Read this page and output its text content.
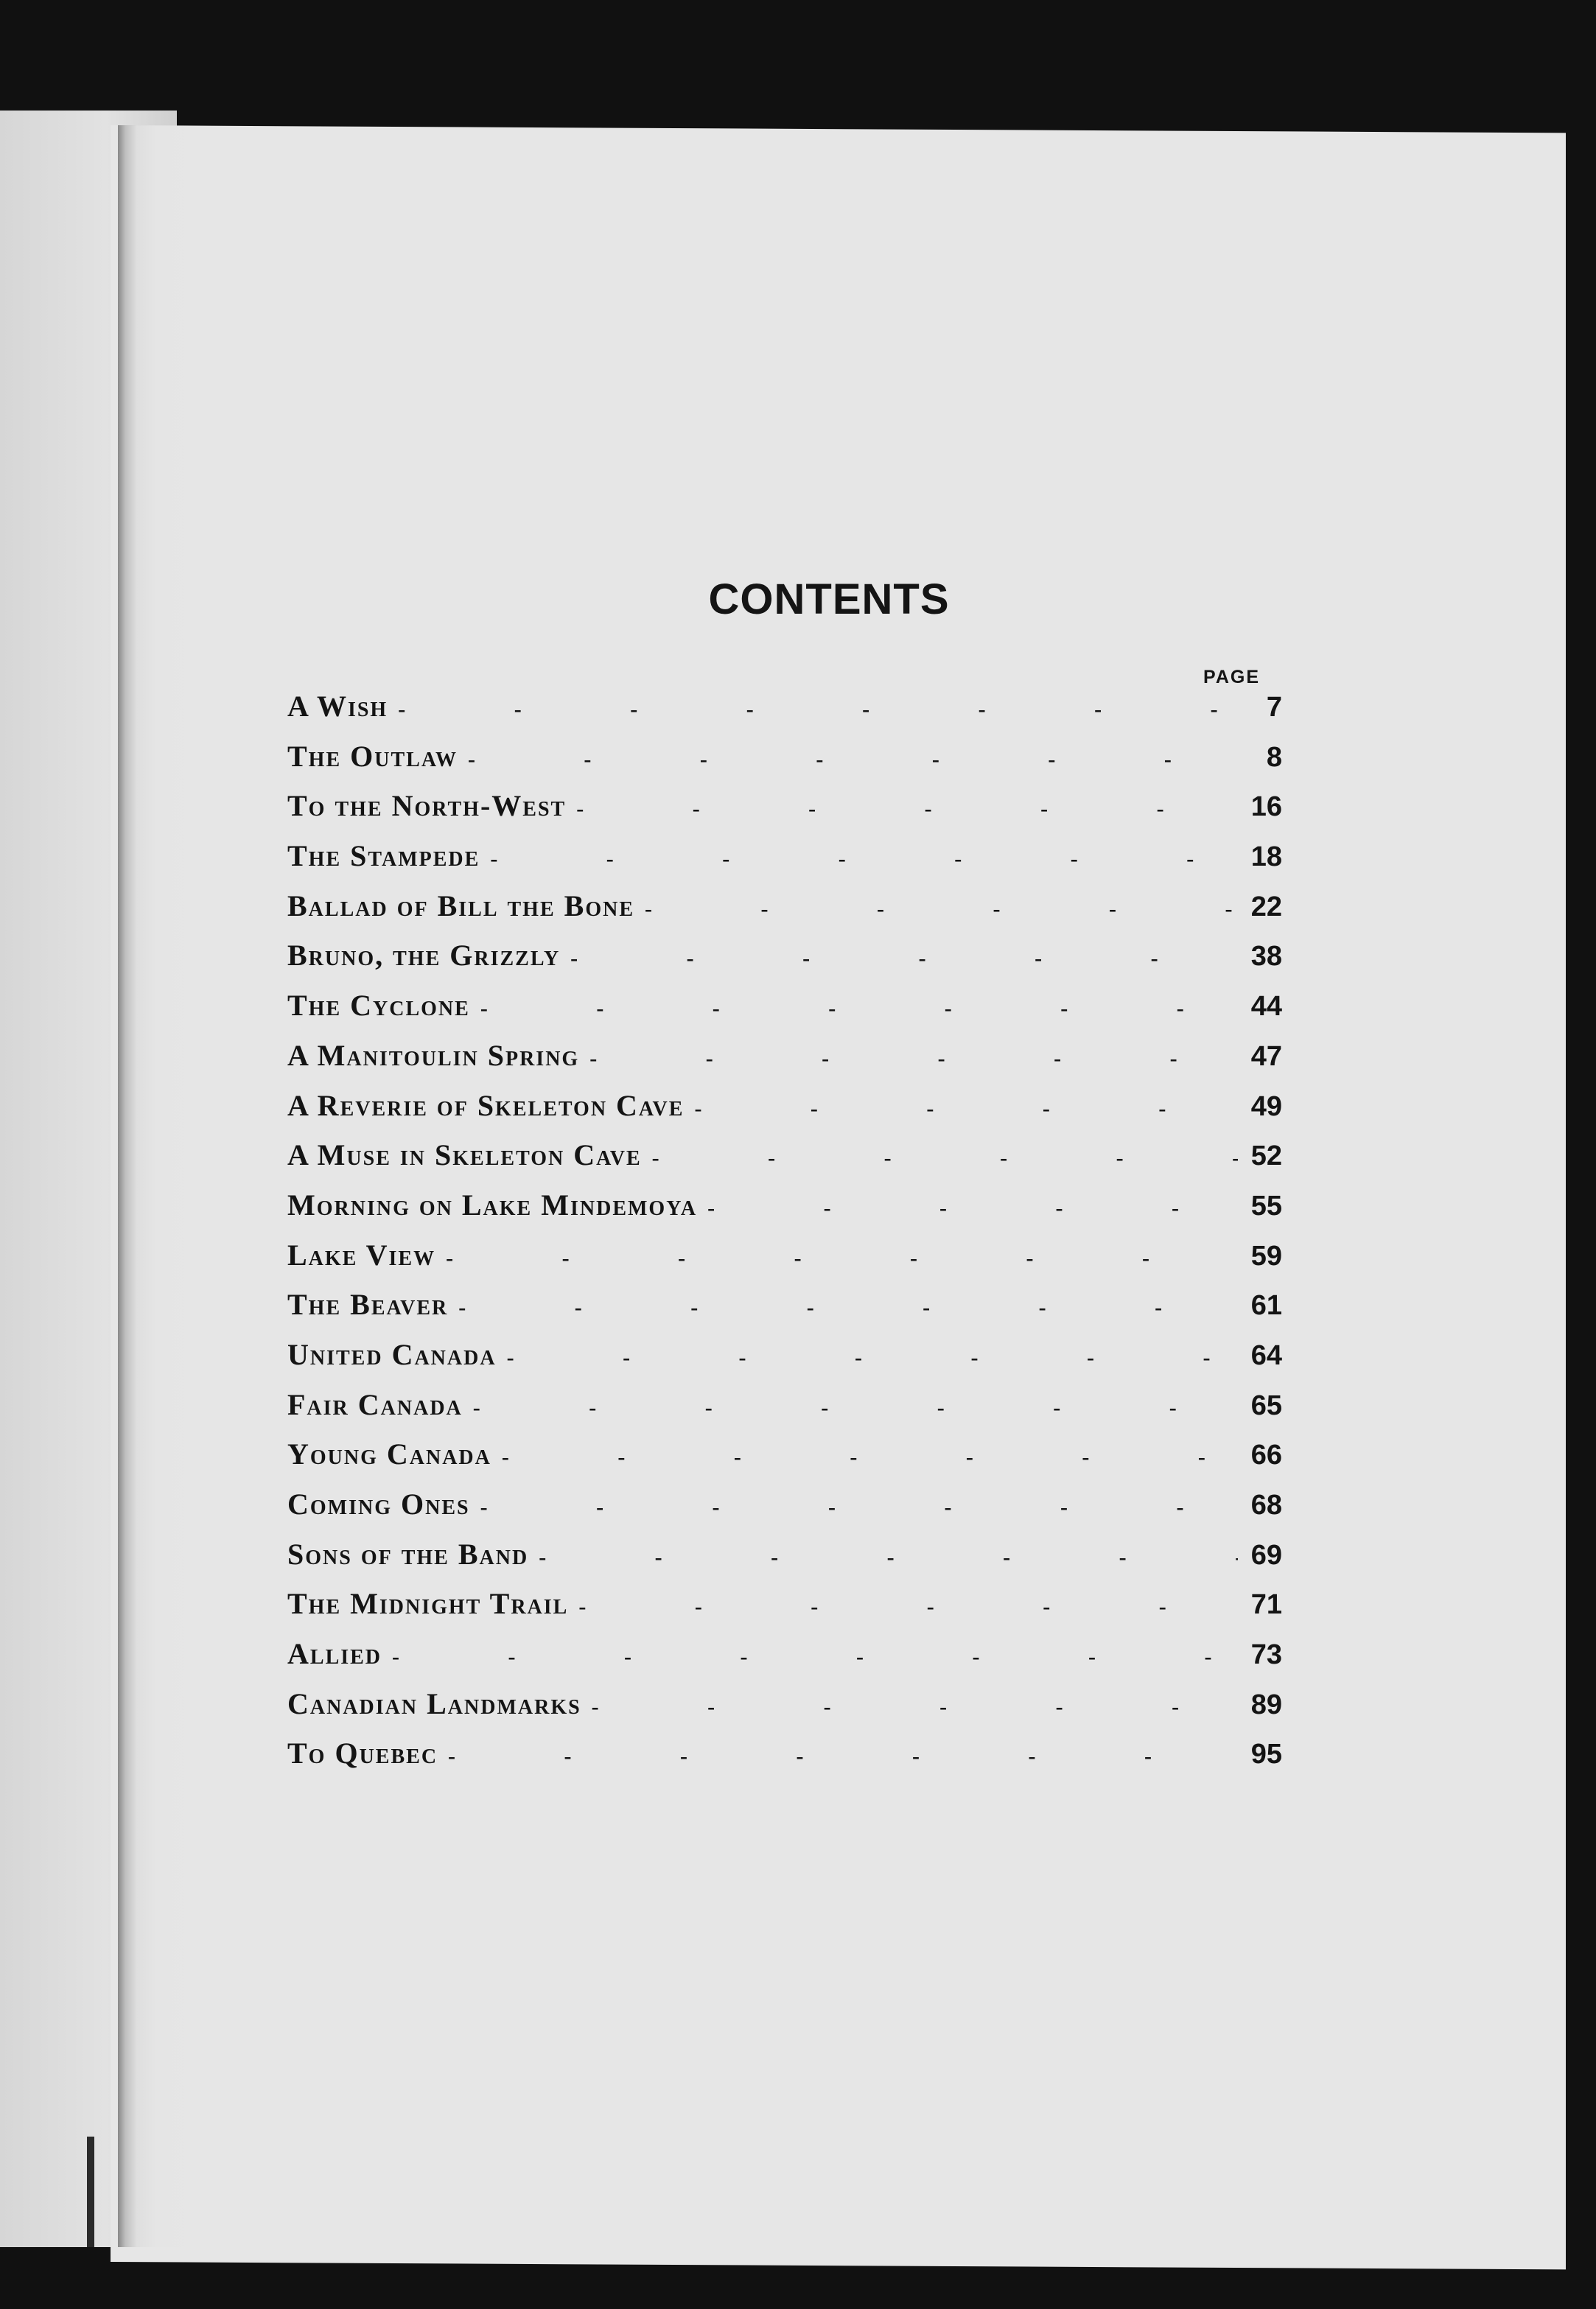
CONTENTS
PAGE
A Wish - - -	7
The Outlaw - - -	8
To the North-West - - -	16
The Stampede - - -	18
Ballad of Bill the Bone - - -	22
Bruno, the Grizzly - - -	38
The Cyclone - - -	44
A Manitoulin Spring - - -	47
A Reverie of Skeleton Cave - - -	49
A Muse in Skeleton Cave - - -	52
Morning on Lake Mindemoya - - -	55
Lake View - - -	59
The Beaver - - -	61
United Canada - - -	64
Fair Canada - - -	65
Young Canada - - -	66
Coming Ones - - -	68
Sons of the Band - - -	69
The Midnight Trail - - -	71
Allied - - -	73
Canadian Landmarks - - -	89
To Quebec - - -	95
